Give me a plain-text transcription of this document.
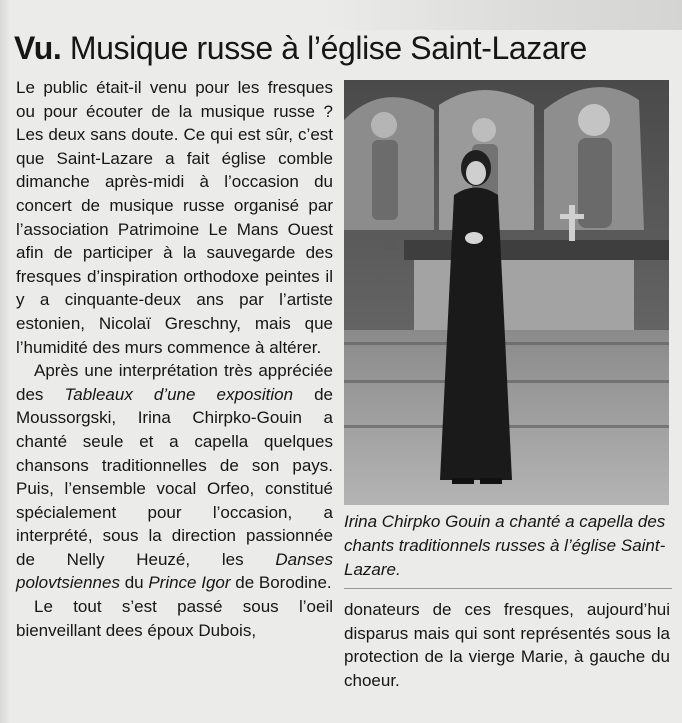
Vu. Musique russe à l’église Saint-Lazare

Le public était-il venu pour les fresques ou pour écouter de la musique russe ? Les deux sans doute. Ce qui est sûr, c’est que Saint-Lazare a fait église comble dimanche après-midi à l’occasion du concert de musique russe organisé par l’association Patrimoine Le Mans Ouest afin de participer à la sauvegarde des fresques d’inspiration orthodoxe peintes il y a cinquante-deux ans par l’artiste estonien, Nicolaï Greschny, mais que l’humidité des murs commence à altérer.

Après une interprétation très appréciée des Tableaux d’une exposition de Moussorgski, Irina Chirpko-Gouin a chanté seule et a capella quelques chansons traditionnelles de son pays. Puis, l’ensemble vocal Orfeo, constitué spécialement pour l’occasion, a interprété, sous la direction passionnée de Nelly Heuzé, les Danses polovtsiennes du Prince Igor de Borodine.

Le tout s’est passé sous l’oeil bienveillant dees époux Dubois,

Irina Chirpko Gouin a chanté a capella des chants traditionnels russes à l’église Saint-Lazare.

donateurs de ces fresques, aujourd’hui disparus mais qui sont représentés sous la protection de la vierge Marie, à gauche du choeur.
